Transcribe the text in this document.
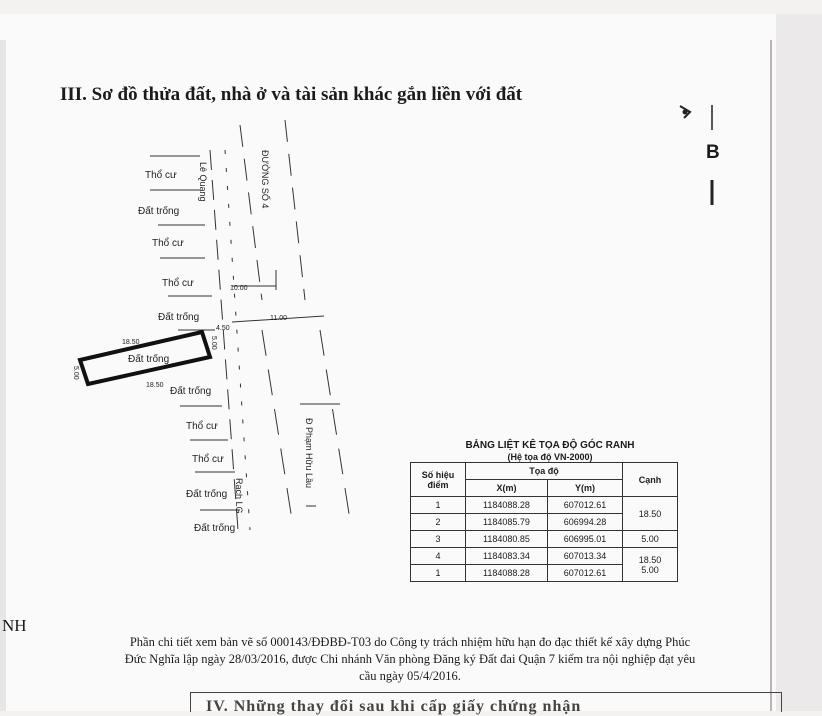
III. Sơ đồ thửa đất, nhà ở và tài sản khác gắn liền với đất
B
Thổ cư
Đất trống
Thổ cư
Thổ cư
Đất trống
Đất trống
Đất trống
Thổ cư
Thổ cư
Đất trống
Đất trống
Lê Quang	ĐƯỜNG SỐ 4
Đ Phạm Hữu Lầu
Rạch LG
10.00
11.00
4.50
5.00
18.50
18.50
5.00
BẢNG LIỆT KÊ TỌA ĐỘ GÓC RANH
(Hệ tọa độ VN-2000)
Số hiệu điểm	Tọa độ		Cạnh
	X(m)	Y(m)	
1	1184088.28	607012.61	18.50
2	1184085.79	606994.28	
3	1184080.85	606995.01	5.00
4	1184083.34	607013.34	18.50
5.00

1	1184088.28	607012.61	
NH
Phần chi tiết xem bản vẽ số 000143/ĐĐBĐ-T03 do Công ty trách nhiệm hữu hạn đo đạc thiết kế xây dựng Phúc
Đức Nghĩa lập ngày 28/03/2016, được Chi nhánh Văn phòng Đăng ký Đất đai Quận 7 kiểm tra nội nghiệp đạt yêu
cầu ngày 05/4/2016.
IV. Những thay đổi sau khi cấp giấy chứng nhận
